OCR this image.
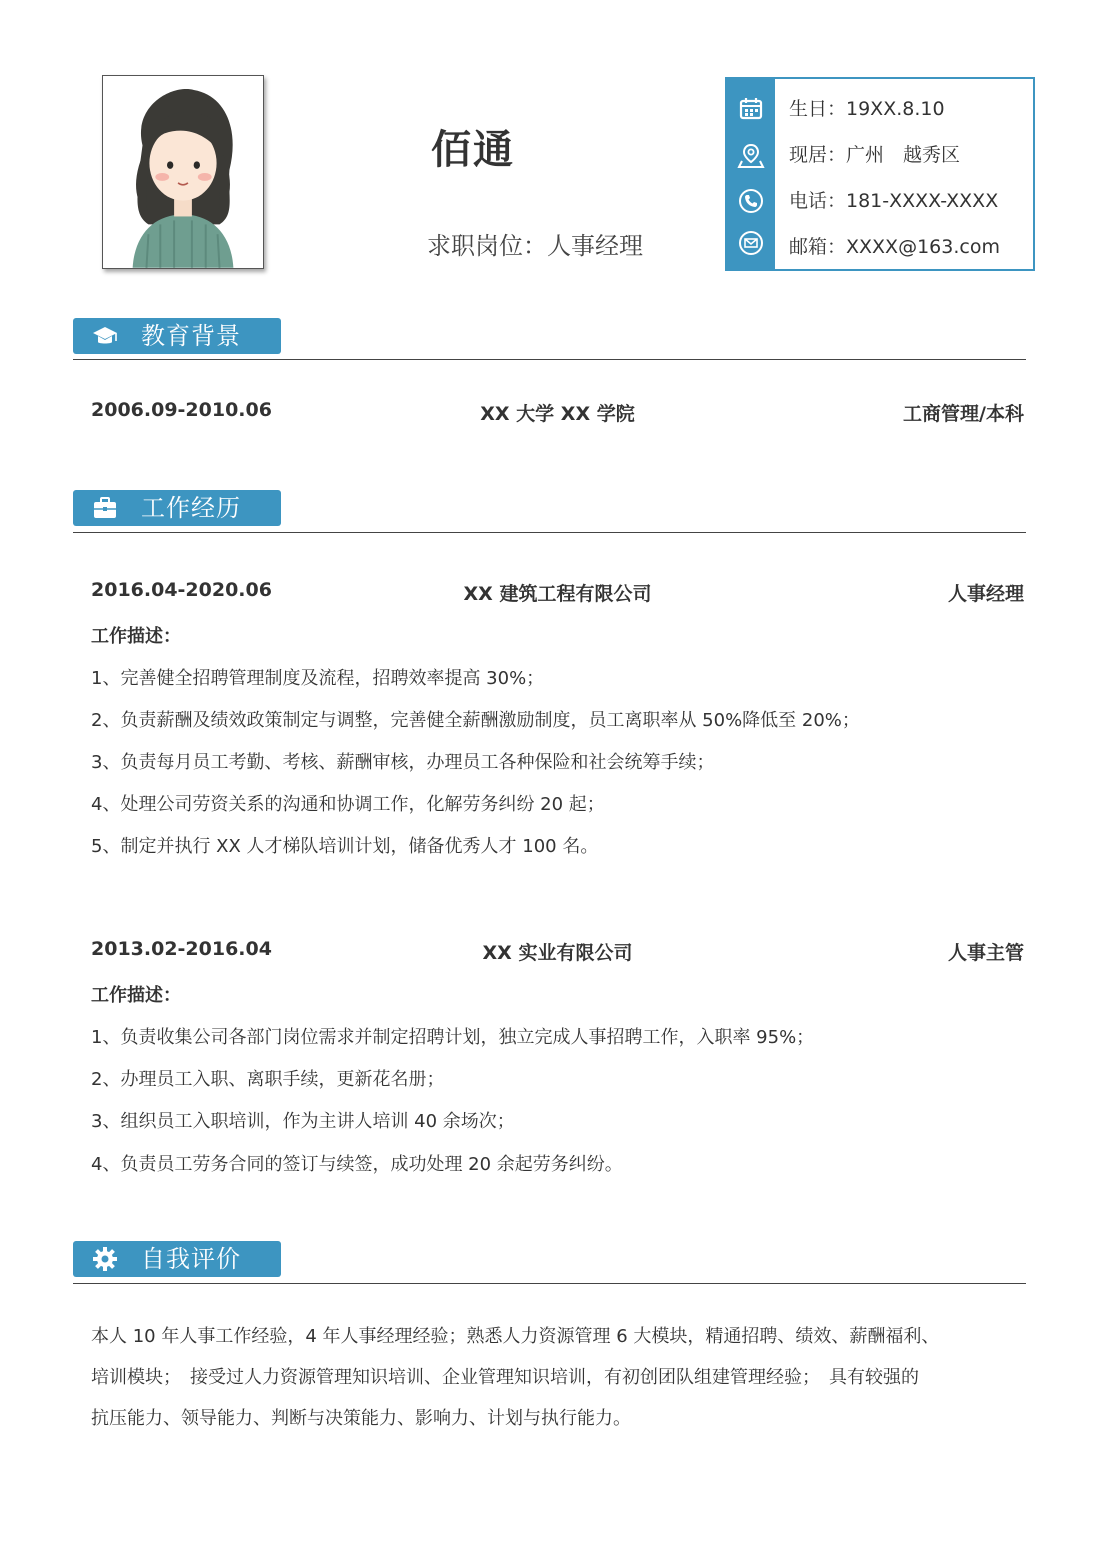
佰通
求职岗位：人事经理
生日：19XX.8.10
现居：广州　越秀区
电话：181-XXXX-XXXX
邮箱：XXXX@163.com
教育背景
2006.09-2010.06	XX 大学 XX 学院	工商管理/本科
工作经历
2016.04-2020.06	XX 建筑工程有限公司	人事经理
工作描述：
1、完善健全招聘管理制度及流程，招聘效率提高 30%；
2、负责薪酬及绩效政策制定与调整，完善健全薪酬激励制度，员工离职率从 50%降低至 20%；
3、负责每月员工考勤、考核、薪酬审核，办理员工各种保险和社会统筹手续；
4、处理公司劳资关系的沟通和协调工作，化解劳务纠纷 20 起；
5、制定并执行 XX 人才梯队培训计划，储备优秀人才 100 名。
2013.02-2016.04	XX 实业有限公司	人事主管
工作描述：
1、负责收集公司各部门岗位需求并制定招聘计划，独立完成人事招聘工作，入职率 95%；
2、办理员工入职、离职手续，更新花名册；
3、组织员工入职培训，作为主讲人培训 40 余场次；
4、负责员工劳务合同的签订与续签，成功处理 20 余起劳务纠纷。
自我评价
本人 10 年人事工作经验，4 年人事经理经验；熟悉人力资源管理 6 大模块，精通招聘、绩效、薪酬福利、
培训模块；　接受过人力资源管理知识培训、企业管理知识培训，有初创团队组建管理经验；　具有较强的
抗压能力、领导能力、判断与决策能力、影响力、计划与执行能力。
